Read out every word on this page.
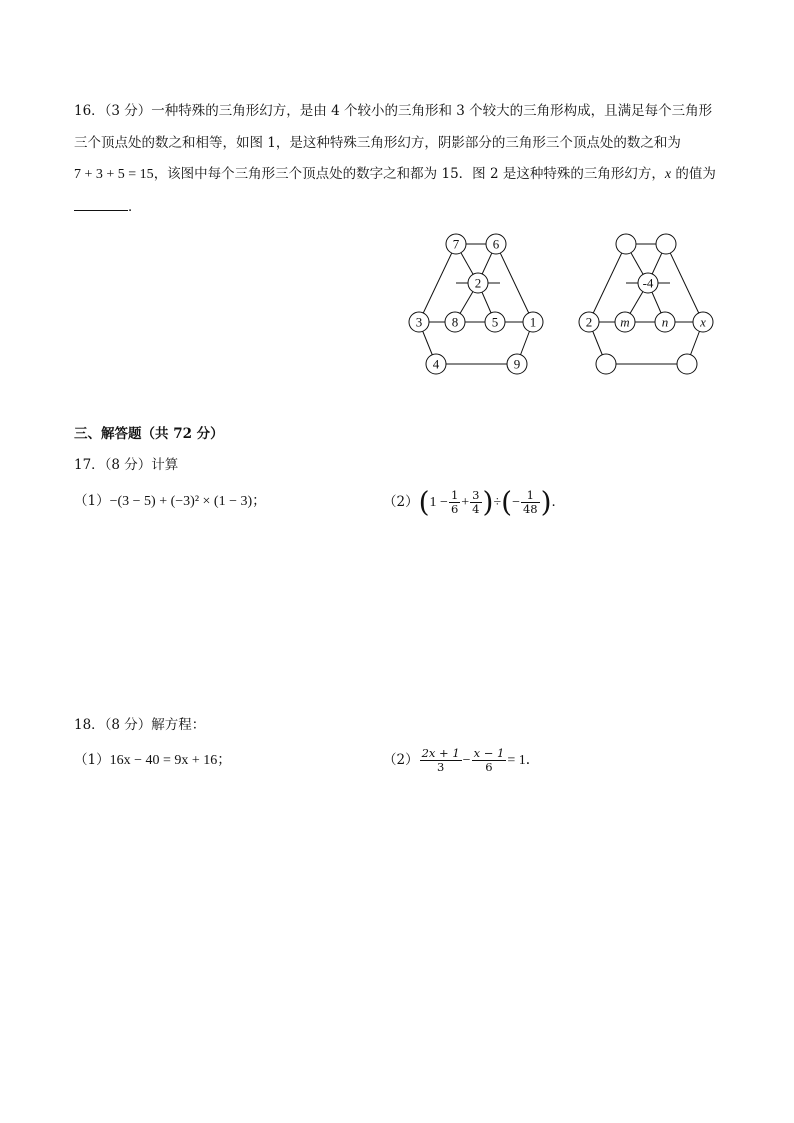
16．（3 分）一种特殊的三角形幻方，是由 4 个较小的三角形和 3 个较大的三角形构成，且满足每个三角形
三个顶点处的数之和相等，如图 1，是这种特殊三角形幻方，阴影部分的三角形三个顶点处的数之和为
7 + 3 + 5 = 15，该图中每个三角形三个顶点处的数字之和都为 15．图 2 是这种特殊的三角形幻方，x 的值为
．
7	6
2
3 8	5 1
4	9
-4
2 m n x
三、解答题（共 72 分）
17．（8 分）计算
（1）−(3 − 5) + (−3)² × (1 − 3)；	$(2)(1 - \frac{1}{6} + \frac{3}{4}$ )÷(− $\frac{1}{48}$ )．
18．（8 分）解方程：
（1）16x − 40 = 9x + 16；	$(2) \frac{2x + 1}{3} - \frac{x - 1}{6} = 1$．
